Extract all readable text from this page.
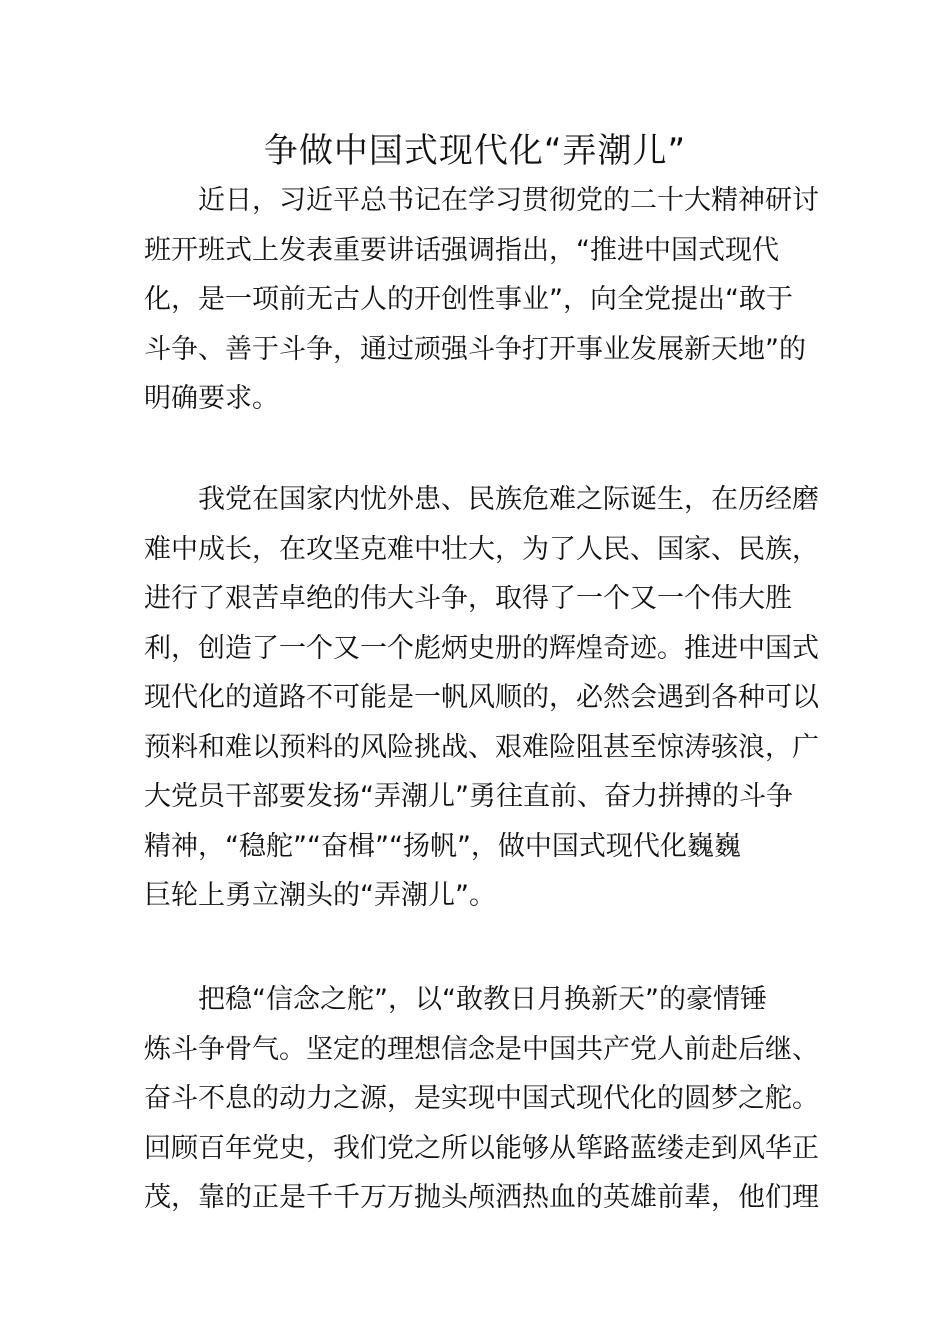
争做中国式现代化“弄潮儿”
　　近日，习近平总书记在学习贯彻党的二十大精神研讨
班开班式上发表重要讲话强调指出，“推进中国式现代
化，是一项前无古人的开创性事业”，向全党提出“敢于
斗争、善于斗争，通过顽强斗争打开事业发展新天地”的
明确要求。
　　我党在国家内忧外患、民族危难之际诞生，在历经磨
难中成长，在攻坚克难中壮大，为了人民、国家、民族，
进行了艰苦卓绝的伟大斗争，取得了一个又一个伟大胜
利，创造了一个又一个彪炳史册的辉煌奇迹。推进中国式
现代化的道路不可能是一帆风顺的，必然会遇到各种可以
预料和难以预料的风险挑战、艰难险阻甚至惊涛骇浪，广
大党员干部要发扬“弄潮儿”勇往直前、奋力拼搏的斗争
精神，“稳舵”“奋楫”“扬帆”，做中国式现代化巍巍
巨轮上勇立潮头的“弄潮儿”。
　　把稳“信念之舵”，以“敢教日月换新天”的豪情锤
炼斗争骨气。坚定的理想信念是中国共产党人前赴后继、
奋斗不息的动力之源，是实现中国式现代化的圆梦之舵。
回顾百年党史，我们党之所以能够从筚路蓝缕走到风华正
茂，靠的正是千千万万抛头颅洒热血的英雄前辈，他们理
